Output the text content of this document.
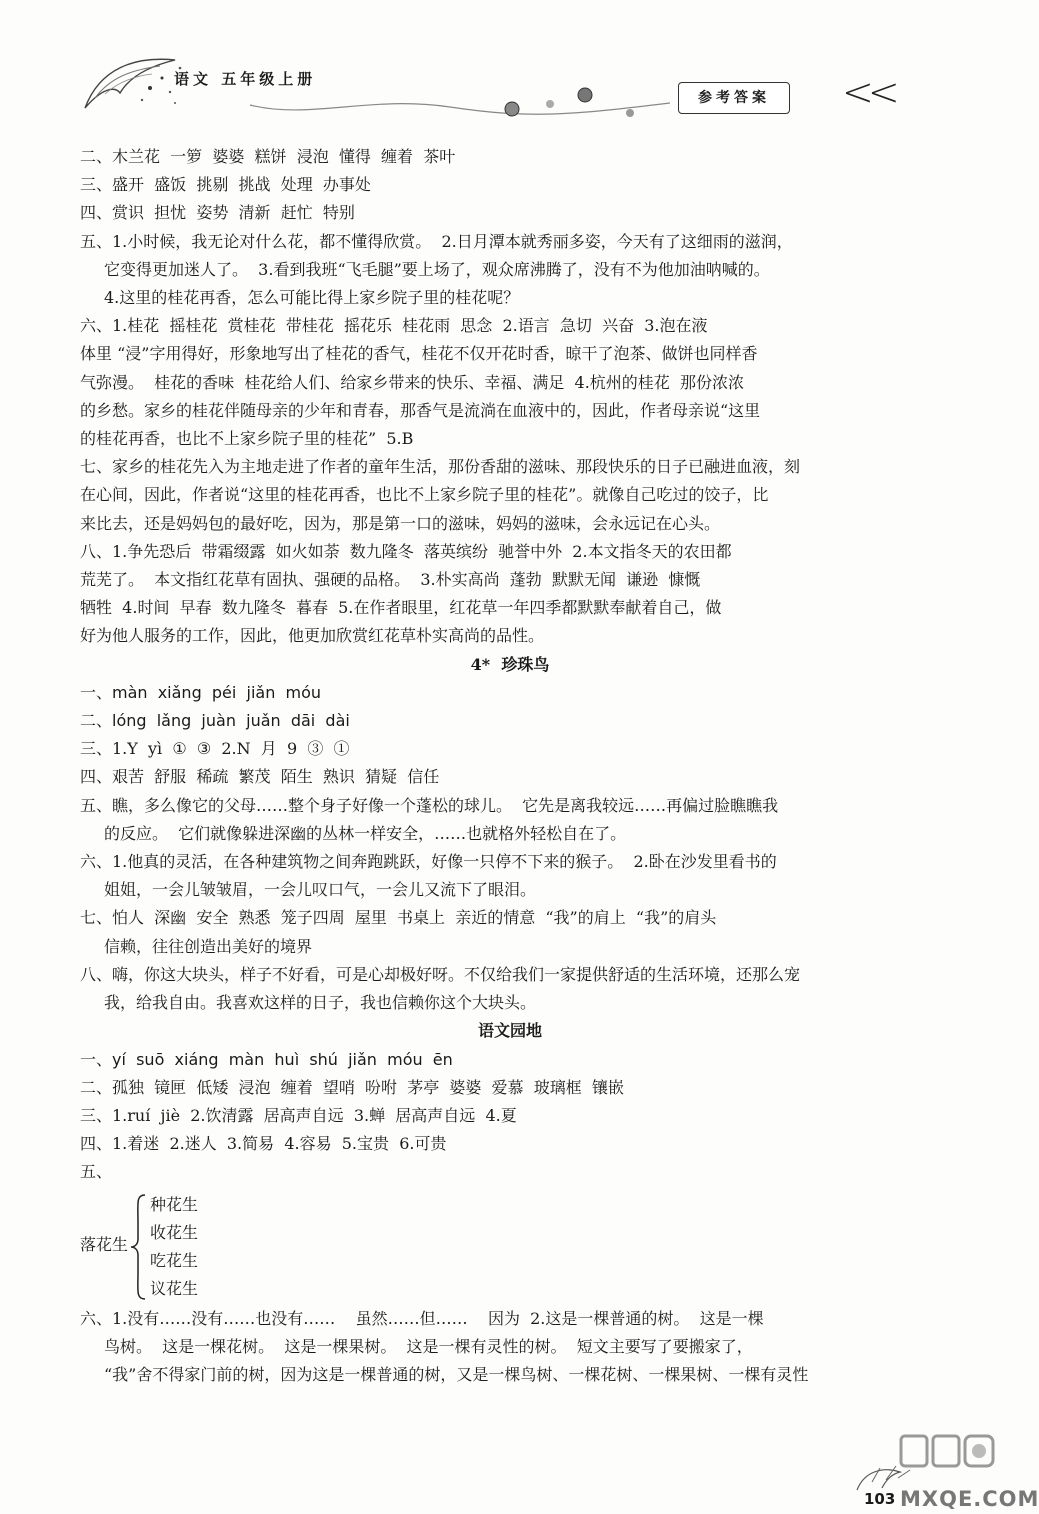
语文 五年级上册
参考答案	<<
二、木兰花  一箩  婆婆  糕饼  浸泡  懂得  缠着  茶叶
三、盛开  盛饭  挑剔  挑战  处理  办事处
四、赏识  担忧  姿势  清新  赶忙  特别
五、1.小时候，我无论对什么花，都不懂得欣赏。  2.日月潭本就秀丽多姿，今天有了这细雨的滋润，
它变得更加迷人了。  3.看到我班“飞毛腿”要上场了，观众席沸腾了，没有不为他加油呐喊的。
4.这里的桂花再香，怎么可能比得上家乡院子里的桂花呢？
六、1.桂花  摇桂花  赏桂花  带桂花  摇花乐  桂花雨  思念  2.语言  急切  兴奋  3.泡在液
体里 “浸”字用得好，形象地写出了桂花的香气，桂花不仅开花时香，晾干了泡茶、做饼也同样香
气弥漫。  桂花的香味  桂花给人们、给家乡带来的快乐、幸福、满足  4.杭州的桂花  那份浓浓
的乡愁。家乡的桂花伴随母亲的少年和青春，那香气是流淌在血液中的，因此，作者母亲说“这里
的桂花再香，也比不上家乡院子里的桂花”  5.B
七、家乡的桂花先入为主地走进了作者的童年生活，那份香甜的滋味、那段快乐的日子已融进血液，刻
在心间，因此，作者说“这里的桂花再香，也比不上家乡院子里的桂花”。就像自己吃过的饺子，比
来比去，还是妈妈包的最好吃，因为，那是第一口的滋味，妈妈的滋味，会永远记在心头。
八、1.争先恐后  带霜缀露  如火如荼  数九隆冬  落英缤纷  驰誉中外  2.本文指冬天的农田都
荒芜了。  本文指红花草有固执、强硬的品格。  3.朴实高尚  蓬勃  默默无闻  谦逊  慷慨
牺牲  4.时间  早春  数九隆冬  暮春  5.在作者眼里，红花草一年四季都默默奉献着自己，做
好为他人服务的工作，因此，他更加欣赏红花草朴实高尚的品性。
4*  珍珠鸟
一、màn  xiǎng  péi  jiǎn  móu
二、lóng  lǎng  juàn  juǎn  dāi  dài
三、1.Y  yì  ①  ③  2.N  月  9  ③  ①
四、艰苦  舒服  稀疏  繁茂  陌生  熟识  猜疑  信任
五、瞧，多么像它的父母……整个身子好像一个蓬松的球儿。  它先是离我较远……再偏过脸瞧瞧我
的反应。  它们就像躲进深幽的丛林一样安全，……也就格外轻松自在了。
六、1.他真的灵活，在各种建筑物之间奔跑跳跃，好像一只停不下来的猴子。  2.卧在沙发里看书的
姐姐，一会儿皱皱眉，一会儿叹口气，一会儿又流下了眼泪。
七、怕人  深幽  安全  熟悉  笼子四周  屋里  书桌上  亲近的情意  “我”的肩上  “我”的肩头
信赖，往往创造出美好的境界
八、嗨，你这大块头，样子不好看，可是心却极好呀。不仅给我们一家提供舒适的生活环境，还那么宠
我，给我自由。我喜欢这样的日子，我也信赖你这个大块头。
语文园地
一、yí  suō  xiáng  màn  huì  shú  jiǎn  móu  ēn
二、孤独  镜匣  低矮  浸泡  缠着  望哨  吩咐  茅亭  婆婆  爱慕  玻璃框  镶嵌
三、1.ruí  jiè  2.饮清露  居高声自远  3.蝉  居高声自远  4.夏
四、1.着迷  2.迷人  3.简易  4.容易  5.宝贵  6.可贵
五、
落花生
种花生
收花生
吃花生
议花生
六、1.没有……没有……也没有……    虽然……但……    因为  2.这是一棵普通的树。  这是一棵
鸟树。  这是一棵花树。  这是一棵果树。  这是一棵有灵性的树。  短文主要写了要搬家了，
“我”舍不得家门前的树，因为这是一棵普通的树，又是一棵鸟树、一棵花树、一棵果树、一棵有灵性
103 MXQE.COM
